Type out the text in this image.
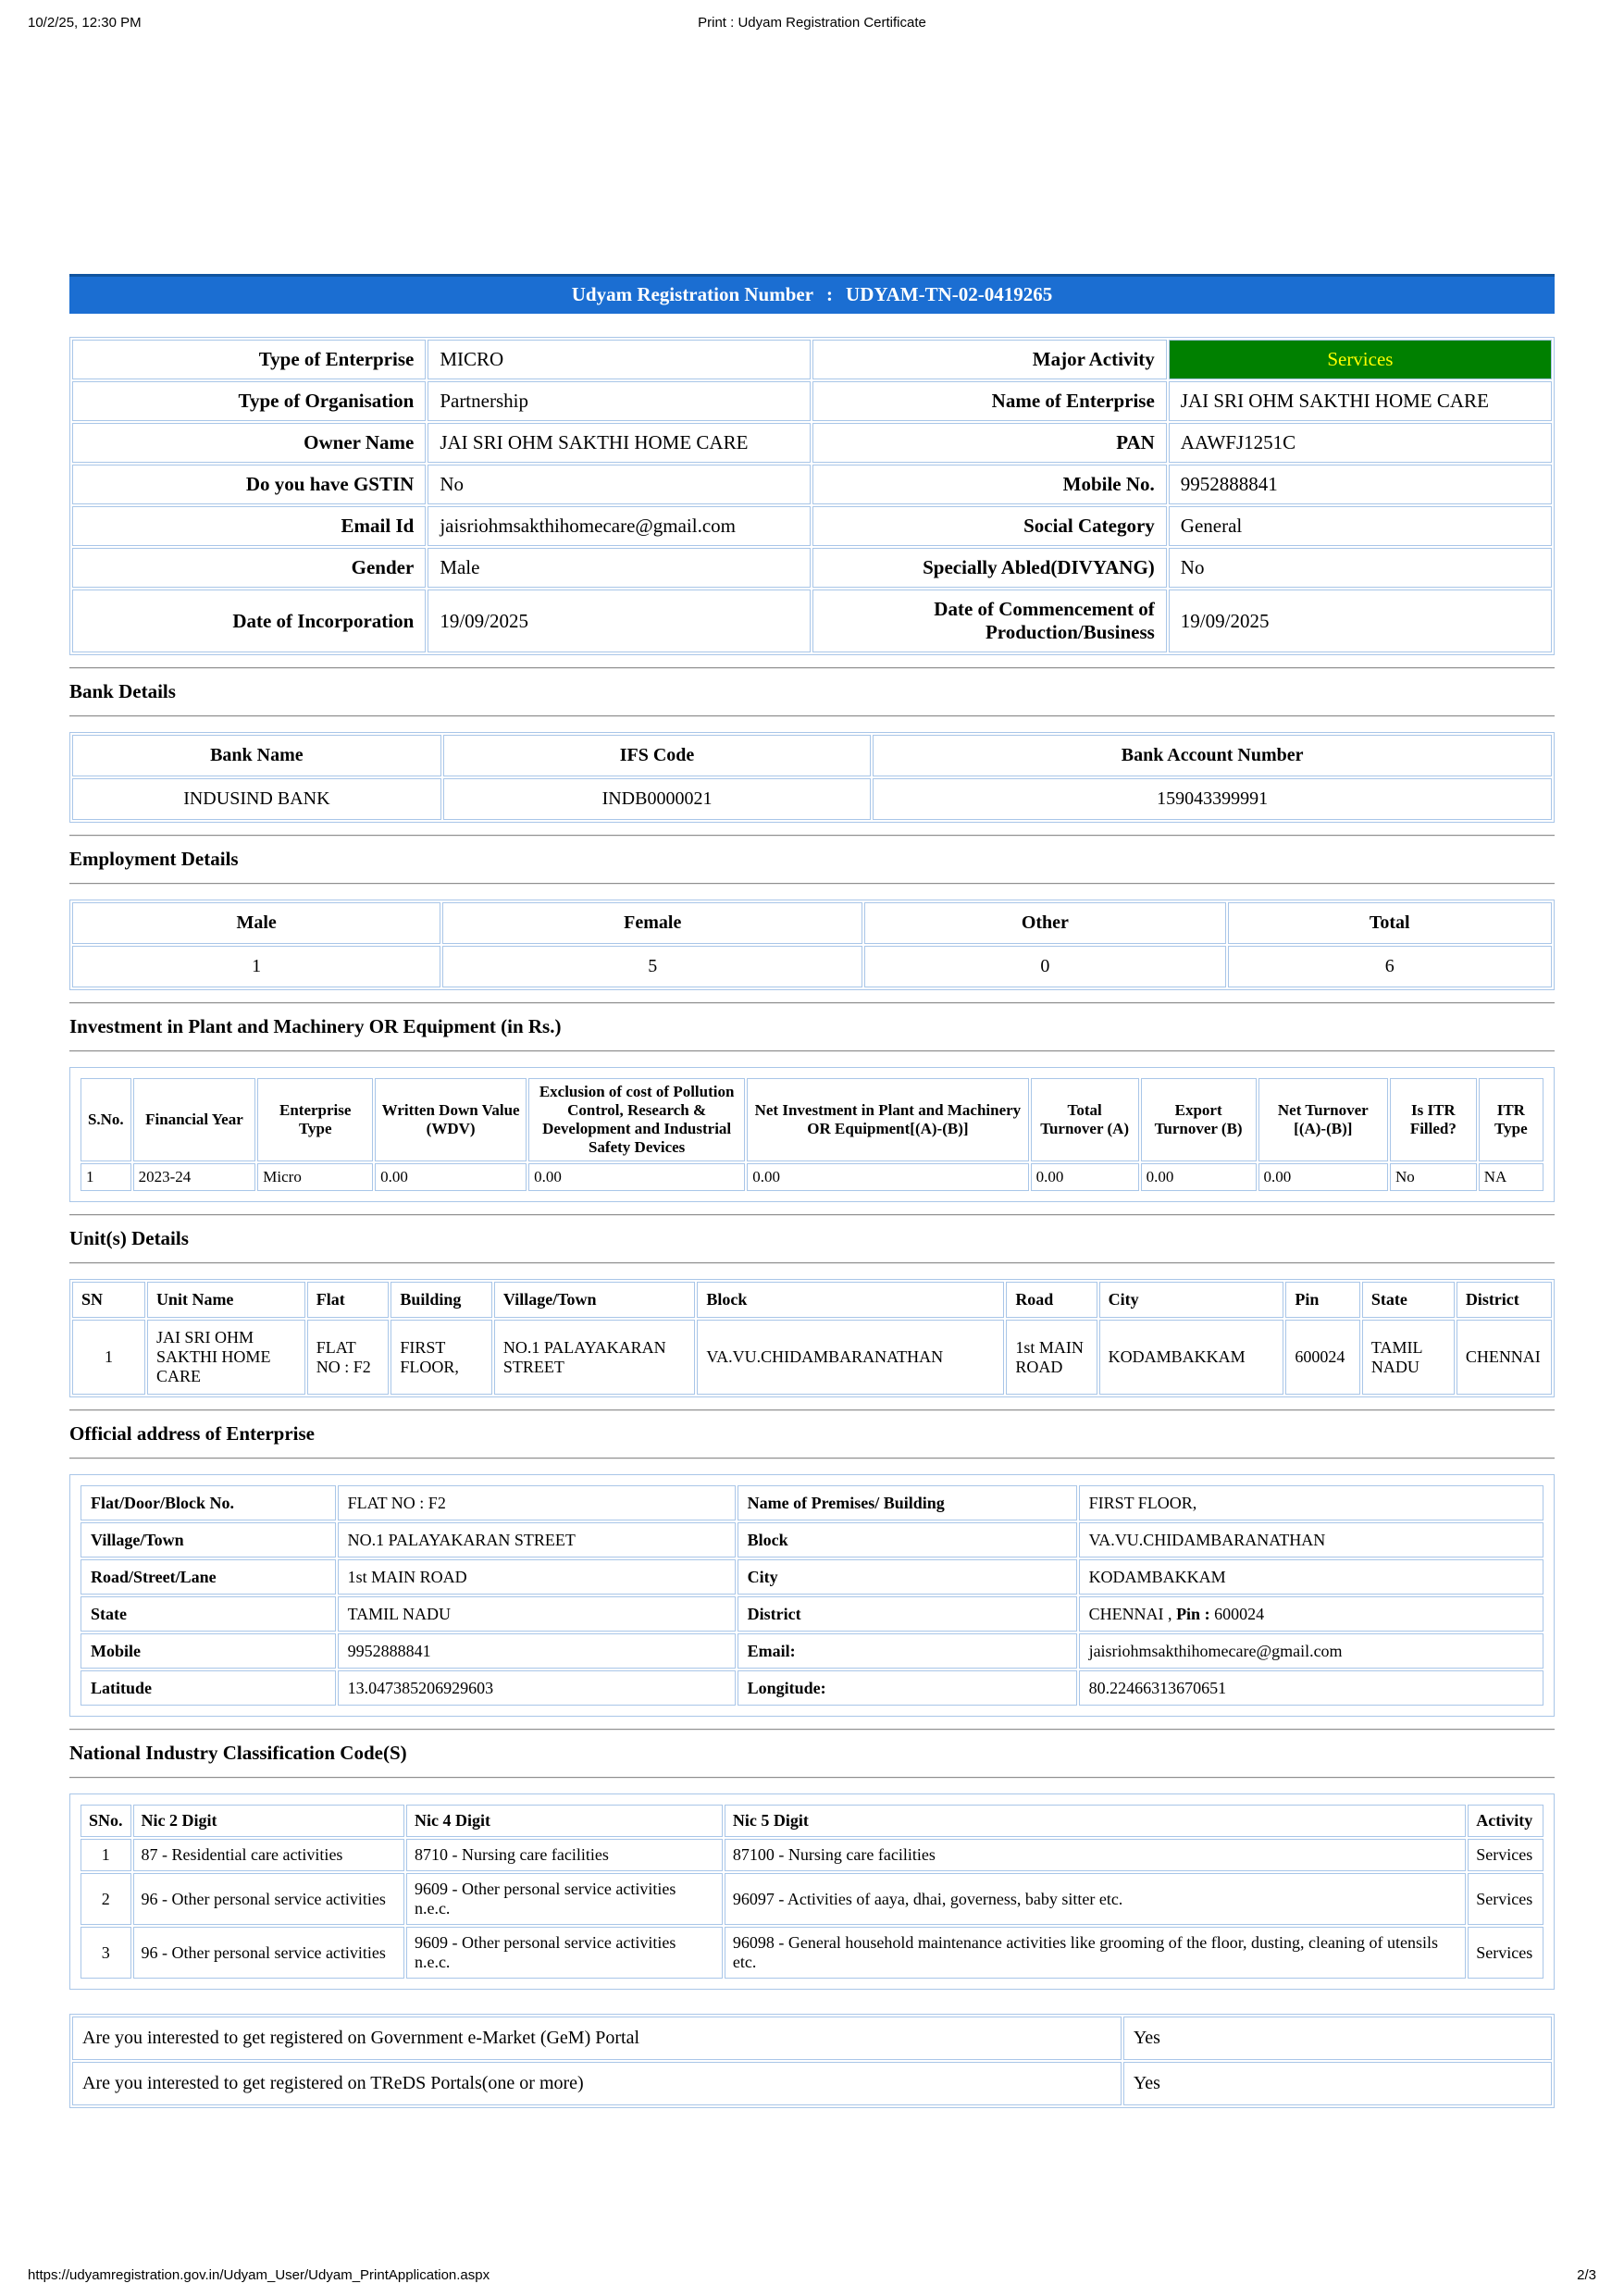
10/2/25, 12:30 PM	Print : Udyam Registration Certificate
Udyam Registration Number : UDYAM-TN-02-0419265
Type of Enterprise	MICRO	Major Activity	Services
Type of Organisation	Partnership	Name of Enterprise	JAI SRI OHM SAKTHI HOME CARE

Owner Name	JAI SRI OHM SAKTHI HOME CARE	PAN	AAWFJ1251C
Do you have GSTIN	No	Mobile No.	9952888841
Email Id	jaisriohmsakthihomecare@gmail.com	Social Category	General
Gender	Male	Specially Abled(DIVYANG)	No
Date of Incorporation	19/09/2025	Date of Commencement of Production/Business	19/09/2025
Bank Details
Bank Name	IFS Code	Bank Account Number
INDUSIND BANK	INDB0000021	159043399991
Employment Details
Male	Female	Other	Total
1	5	0	6
Investment in Plant and Machinery OR Equipment (in Rs.)
S.No.	Financial Year	Enterprise Type	Written Down Value (WDV)	Exclusion of cost of Pollution Control, Research & Development and Industrial Safety Devices	Net Investment in Plant and Machinery OR Equipment[(A)-(B)]	Total Turnover (A)	Export Turnover (B)	Net Turnover [(A)-(B)]	Is ITR Filled?	ITR Type
1	2023-24	Micro	0.00	0.00	0.00	0.00	0.00	0.00	No	NA
Unit(s) Details
SN	Unit Name	Flat	Building	Village/Town	Block	Road	City	Pin	State	District
1	JAI SRI OHM SAKTHI HOME CARE	FLAT NO : F2	FIRST FLOOR,	NO.1 PALAYAKARAN STREET	VA.VU.CHIDAMBARANATHAN	1st MAIN ROAD	KODAMBAKKAM	600024	TAMIL NADU	CHENNAI
Official address of Enterprise
Flat/Door/Block No.	FLAT NO : F2	Name of Premises/ Building	FIRST FLOOR,
Village/Town	NO.1 PALAYAKARAN STREET	Block	VA.VU.CHIDAMBARANATHAN
Road/Street/Lane	1st MAIN ROAD	City	KODAMBAKKAM
State	TAMIL NADU	District	CHENNAI , Pin : 600024
Mobile	9952888841	Email:	jaisriohmsakthihomecare@gmail.com
Latitude	13.047385206929603	Longitude:	80.22466313670651
National Industry Classification Code(S)
SNo.	Nic 2 Digit	Nic 4 Digit	Nic 5 Digit	Activity
1	87 - Residential care activities	8710 - Nursing care facilities	87100 - Nursing care facilities	Services
2	96 - Other personal service activities	9609 - Other personal service activities n.e.c.	96097 - Activities of aaya, dhai, governess, baby sitter etc.	Services
3	96 - Other personal service activities	9609 - Other personal service activities n.e.c.	96098 - General household maintenance activities like grooming of the floor, dusting, cleaning of utensils etc.	Services
Are you interested to get registered on Government e-Market (GeM) Portal	Yes
Are you interested to get registered on TReDS Portals(one or more)	Yes
https://udyamregistration.gov.in/Udyam_User/Udyam_PrintApplication.aspx	2/3
